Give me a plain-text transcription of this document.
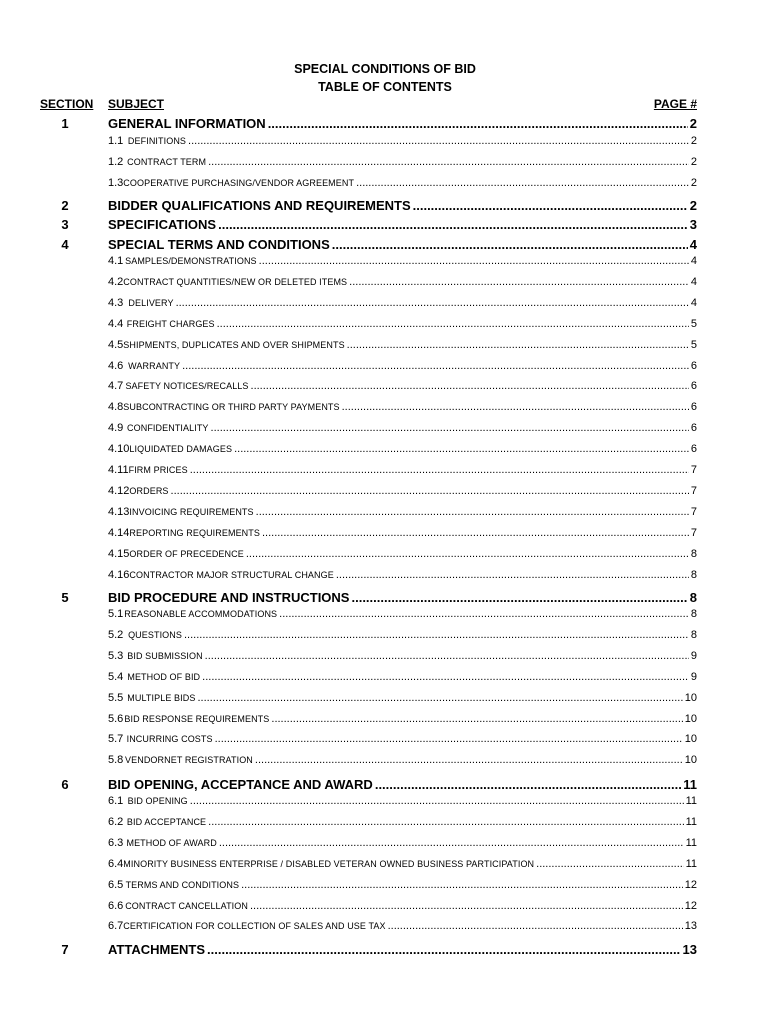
SPECIAL CONDITIONS OF BID
TABLE OF CONTENTS
SECTION SUBJECT	PAGE #
1	GENERAL INFORMATION .....	2
1.1 DEFINITIONS .....	2
1.2 CONTRACT TERM .....	2
1.3 COOPERATIVE PURCHASING/VENDOR AGREEMENT .....	2
2	BIDDER QUALIFICATIONS AND REQUIREMENTS .....	2
3	SPECIFICATIONS .....	3
4	SPECIAL TERMS AND CONDITIONS .....	4
4.1 SAMPLES/DEMONSTRATIONS .....	4
4.2 CONTRACT QUANTITIES/NEW OR DELETED ITEMS .....	4
4.3 DELIVERY .....	4
4.4 FREIGHT CHARGES .....	5
4.5 SHIPMENTS, DUPLICATES AND OVER SHIPMENTS .....	5
4.6 WARRANTY .....	6
4.7 SAFETY NOTICES/RECALLS .....	6
4.8 SUBCONTRACTING OR THIRD PARTY PAYMENTS .....	6
4.9 CONFIDENTIALITY .....	6
4.10 LIQUIDATED DAMAGES .....	6
4.11 FIRM PRICES .....	7
4.12 ORDERS .....	7
4.13 INVOICING REQUIREMENTS .....	7
4.14 REPORTING REQUIREMENTS .....	7
4.15 ORDER OF PRECEDENCE .....	8
4.16 CONTRACTOR MAJOR STRUCTURAL CHANGE .....	8
5	BID PROCEDURE AND INSTRUCTIONS .....	8
5.1 REASONABLE ACCOMMODATIONS .....	8
5.2 QUESTIONS .....	8
5.3 BID SUBMISSION .....	9
5.4 METHOD OF BID .....	9
5.5 MULTIPLE BIDS .....	10
5.6 BID RESPONSE REQUIREMENTS .....	10
5.7 INCURRING COSTS .....	10
5.8 VENDORNET REGISTRATION .....	10
6	BID OPENING, ACCEPTANCE AND AWARD .....	11
6.1 BID OPENING .....	11
6.2 BID ACCEPTANCE .....	11
6.3 METHOD OF AWARD .....	11
6.4 MINORITY BUSINESS ENTERPRISE / DISABLED VETERAN OWNED BUSINESS PARTICIPATION .....	11
6.5 TERMS AND CONDITIONS .....	12
6.6 CONTRACT CANCELLATION .....	12
6.7 CERTIFICATION FOR COLLECTION OF SALES AND USE TAX .....	13
7	ATTACHMENTS .....	13
